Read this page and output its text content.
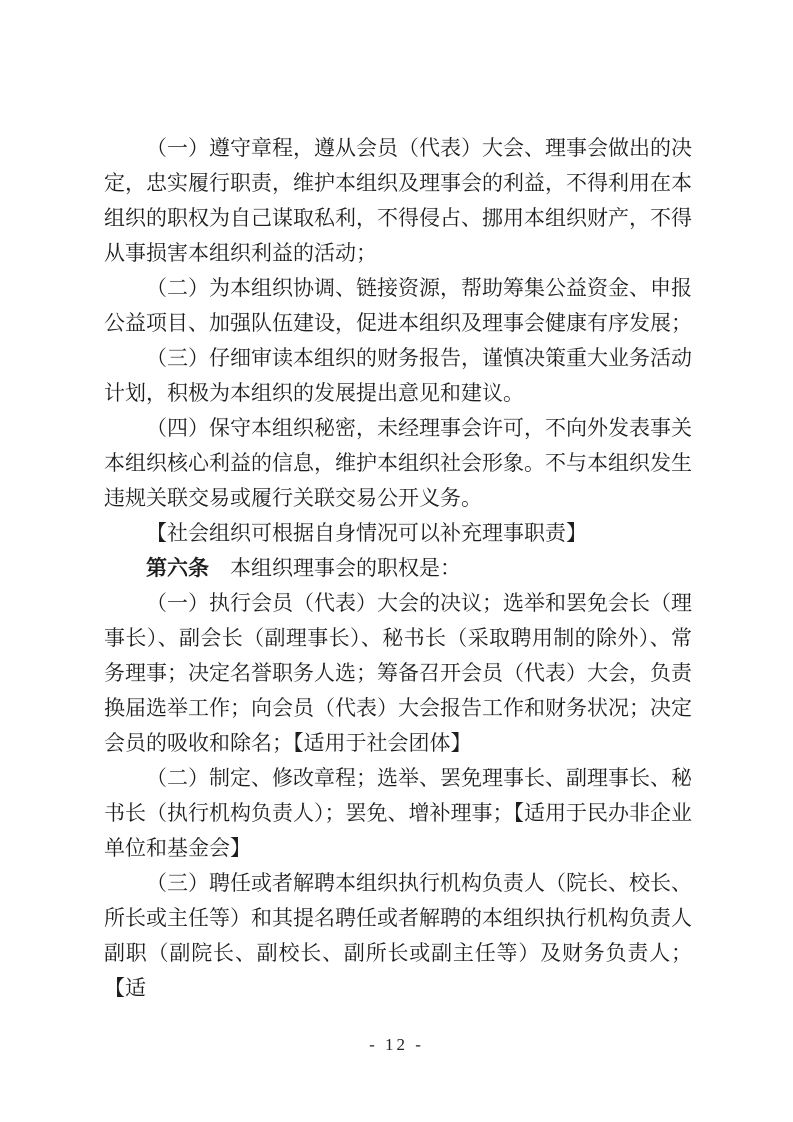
（一）遵守章程，遵从会员（代表）大会、理事会做出的决定，忠实履行职责，维护本组织及理事会的利益，不得利用在本组织的职权为自己谋取私利，不得侵占、挪用本组织财产，不得从事损害本组织利益的活动；

（二）为本组织协调、链接资源，帮助筹集公益资金、申报公益项目、加强队伍建设，促进本组织及理事会健康有序发展；

（三）仔细审读本组织的财务报告，谨慎决策重大业务活动计划，积极为本组织的发展提出意见和建议。

（四）保守本组织秘密，未经理事会许可，不向外发表事关本组织核心利益的信息，维护本组织社会形象。不与本组织发生违规关联交易或履行关联交易公开义务。

【社会组织可根据自身情况可以补充理事职责】

第六条　本组织理事会的职权是：

（一）执行会员（代表）大会的决议；选举和罢免会长（理事长）、副会长（副理事长）、秘书长（采取聘用制的除外）、常务理事；决定名誉职务人选；筹备召开会员（代表）大会，负责换届选举工作；向会员（代表）大会报告工作和财务状况；决定会员的吸收和除名；【适用于社会团体】

（二）制定、修改章程；选举、罢免理事长、副理事长、秘书长（执行机构负责人）；罢免、增补理事；【适用于民办非企业单位和基金会】

（三）聘任或者解聘本组织执行机构负责人（院长、校长、所长或主任等）和其提名聘任或者解聘的本组织执行机构负责人副职（副院长、副校长、副所长或副主任等）及财务负责人；【适

- 12 -
